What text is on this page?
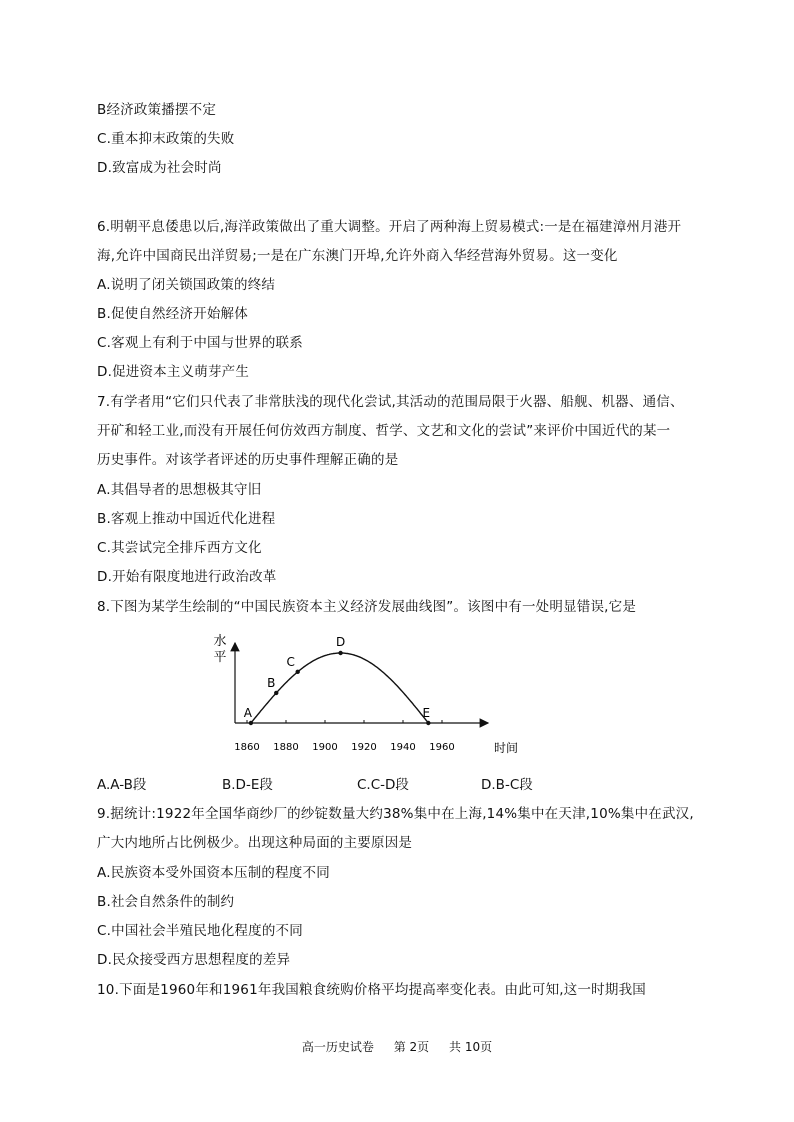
B经济政策播摆不定
C.重本抑末政策的失败
D.致富成为社会时尚
6.明朝平息倭患以后,海洋政策做出了重大调整。开启了两种海上贸易模式:一是在福建漳州月港开
海,允许中国商民出洋贸易;一是在广东澳门开埠,允许外商入华经营海外贸易。这一变化
A.说明了闭关锁国政策的终结
B.促使自然经济开始解体
C.客观上有利于中国与世界的联系
D.促进资本主义萌芽产生
7.有学者用“它们只代表了非常肤浅的现代化尝试,其活动的范围局限于火器、船舰、机器、通信、
开矿和轻工业,而没有开展任何仿效西方制度、哲学、文艺和文化的尝试”来评价中国近代的某一
历史事件。对该学者评述的历史事件理解正确的是
A.其倡导者的思想极其守旧
B.客观上推动中国近代化进程
C.其尝试完全排斥西方文化
D.开始有限度地进行政治改革
8.下图为某学生绘制的“中国民族资本主义经济发展曲线图”。该图中有一处明显错误,它是
水
平
时间
1860 1880 1900 1920 1940 1960
A
B
C
D
E
A.A-B段	B.D-E段	C.C-D段	D.B-C段
9.据统计:1922年全国华商纱厂的纱锭数量大约38%集中在上海,14%集中在天津,10%集中在武汉,
广大内地所占比例极少。出现这种局面的主要原因是
A.民族资本受外国资本压制的程度不同
B.社会自然条件的制约
C.中国社会半殖民地化程度的不同
D.民众接受西方思想程度的差异
10.下面是1960年和1961年我国粮食统购价格平均提高率变化表。由此可知,这一时期我国
高一历史试卷 第 2页 共 10页
